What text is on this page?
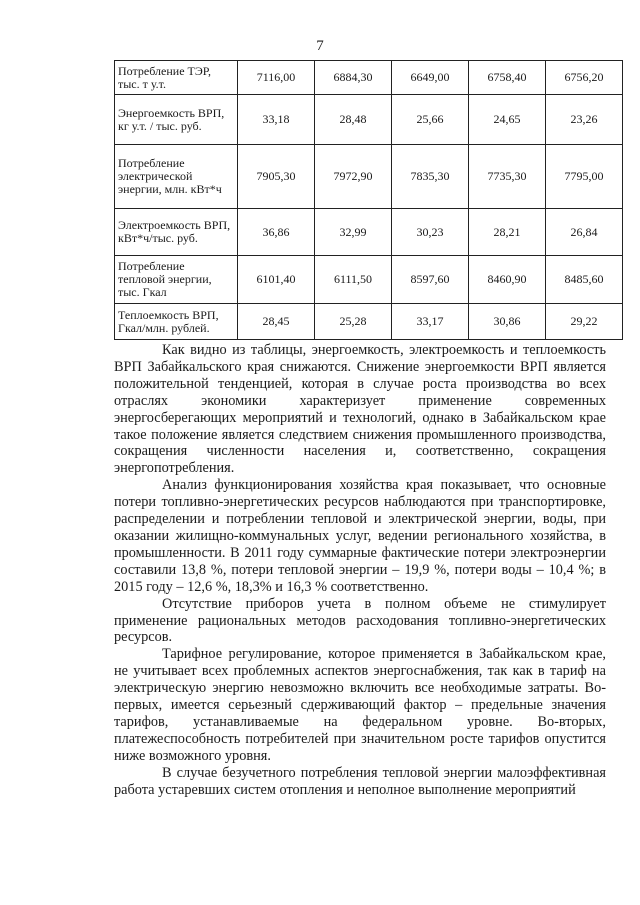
7
Потребление ТЭР, тыс. т у.т.	7116,00	6884,30	6649,00	6758,40	6756,20
Энергоемкость ВРП, кг у.т. / тыс. руб.	33,18	28,48	25,66	24,65	23,26
Потребление электрической энергии, млн. кВт*ч	7905,30	7972,90	7835,30	7735,30	7795,00
Электроемкость ВРП, кВт*ч/тыс. руб.	36,86	32,99	30,23	28,21	26,84
Потребление тепловой энергии, тыс. Гкал	6101,40	6111,50	8597,60	8460,90	8485,60
Теплоемкость ВРП, Гкал/млн. рублей.	28,45	25,28	33,17	30,86	29,22

Как видно из таблицы, энергоемкость, электроемкость и теплоемкость ВРП Забайкальского края снижаются. Снижение энергоемкости ВРП является положительной тенденцией, которая в случае роста производства во всех отраслях экономики характеризует применение современных энергосберегающих мероприятий и технологий, однако в Забайкальском крае такое положение является следствием снижения промышленного производства, сокращения численности населения и, соответственно, сокращения энергопотребления.

Анализ функционирования хозяйства края показывает, что основные потери топливно-энергетических ресурсов наблюдаются при транспортировке, распределении и потреблении тепловой и электрической энергии, воды, при оказании жилищно-коммунальных услуг, ведении регионального хозяйства, в промышленности. В 2011 году суммарные фактические потери электроэнергии составили 13,8 %, потери тепловой энергии – 19,9 %, потери воды – 10,4 %; в 2015 году – 12,6 %, 18,3% и 16,3 % соответственно.

Отсутствие приборов учета в полном объеме не стимулирует применение рациональных методов расходования топливно-энергетических ресурсов.

Тарифное регулирование, которое применяется в Забайкальском крае, не учитывает всех проблемных аспектов энергоснабжения, так как в тариф на электрическую энергию невозможно включить все необходимые затраты. Во-первых, имеется серьезный сдерживающий фактор – предельные значения тарифов, устанавливаемые на федеральном уровне. Во-вторых, платежеспособность потребителей при значительном росте тарифов опустится ниже возможного уровня.

В случае безучетного потребления тепловой энергии малоэффективная работа устаревших систем отопления и неполное выполнение мероприятий
